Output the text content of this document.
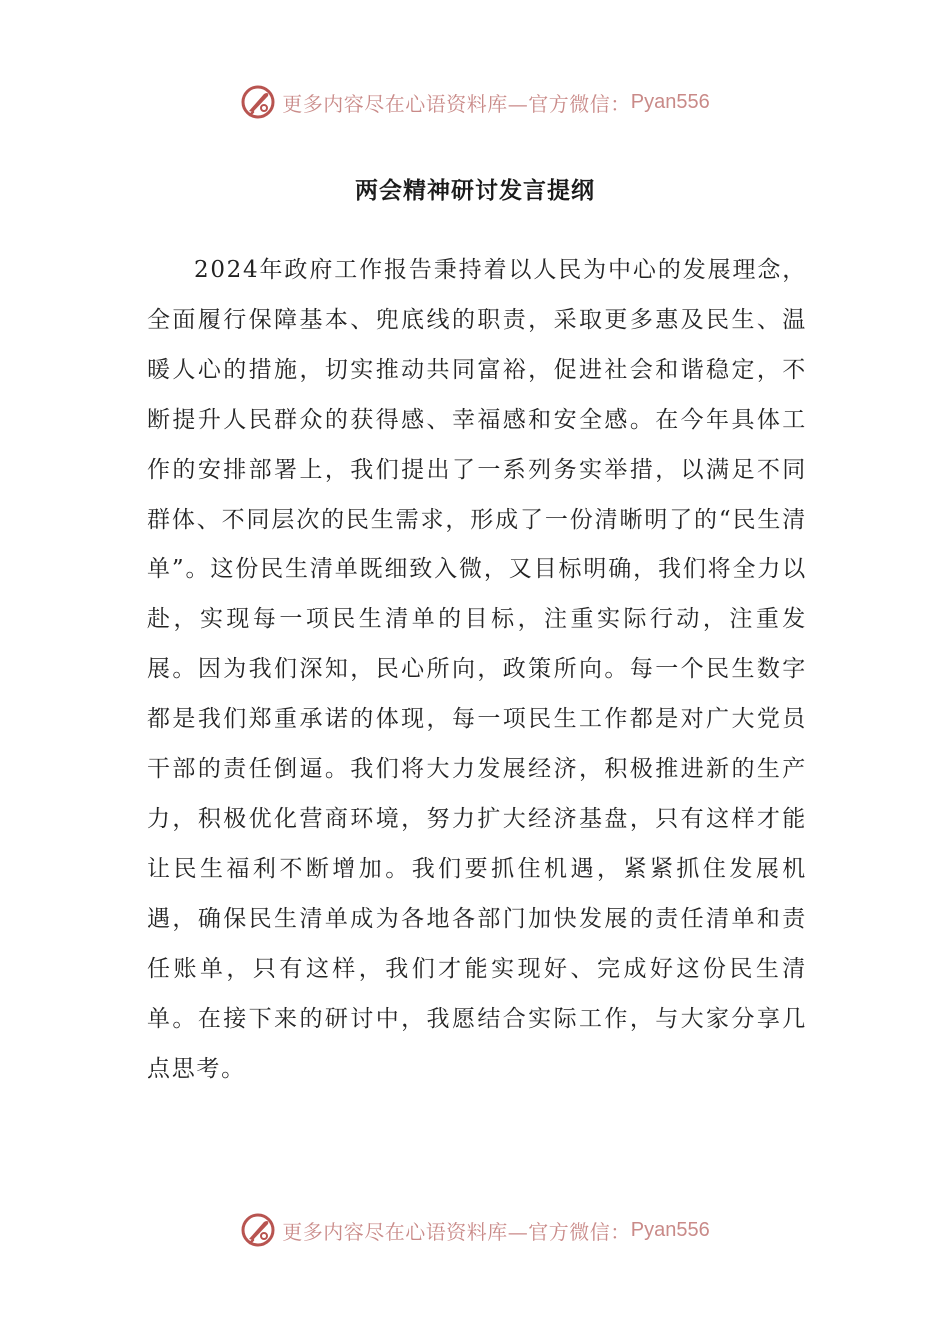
更多内容尽在心语资料库—官方微信： Pyan556
两会精神研讨发言提纲

2024年政府工作报告秉持着以人民为中心的发展理念，全面履行保障基本、兜底线的职责，采取更多惠及民生、温暖人心的措施，切实推动共同富裕，促进社会和谐稳定，不断提升人民群众的获得感、幸福感和安全感。在今年具体工作的安排部署上，我们提出了一系列务实举措，以满足不同群体、不同层次的民生需求，形成了一份清晰明了的“民生清单”。这份民生清单既细致入微，又目标明确，我们将全力以赴，实现每一项民生清单的目标，注重实际行动，注重发展。因为我们深知，民心所向，政策所向。每一个民生数字都是我们郑重承诺的体现，每一项民生工作都是对广大党员干部的责任倒逼。我们将大力发展经济，积极推进新的生产力，积极优化营商环境，努力扩大经济基盘，只有这样才能让民生福利不断增加。我们要抓住机遇，紧紧抓住发展机遇，确保民生清单成为各地各部门加快发展的责任清单和责任账单，只有这样，我们才能实现好、完成好这份民生清单。在接下来的研讨中，我愿结合实际工作，与大家分享几点思考。

更多内容尽在心语资料库—官方微信： Pyan556
